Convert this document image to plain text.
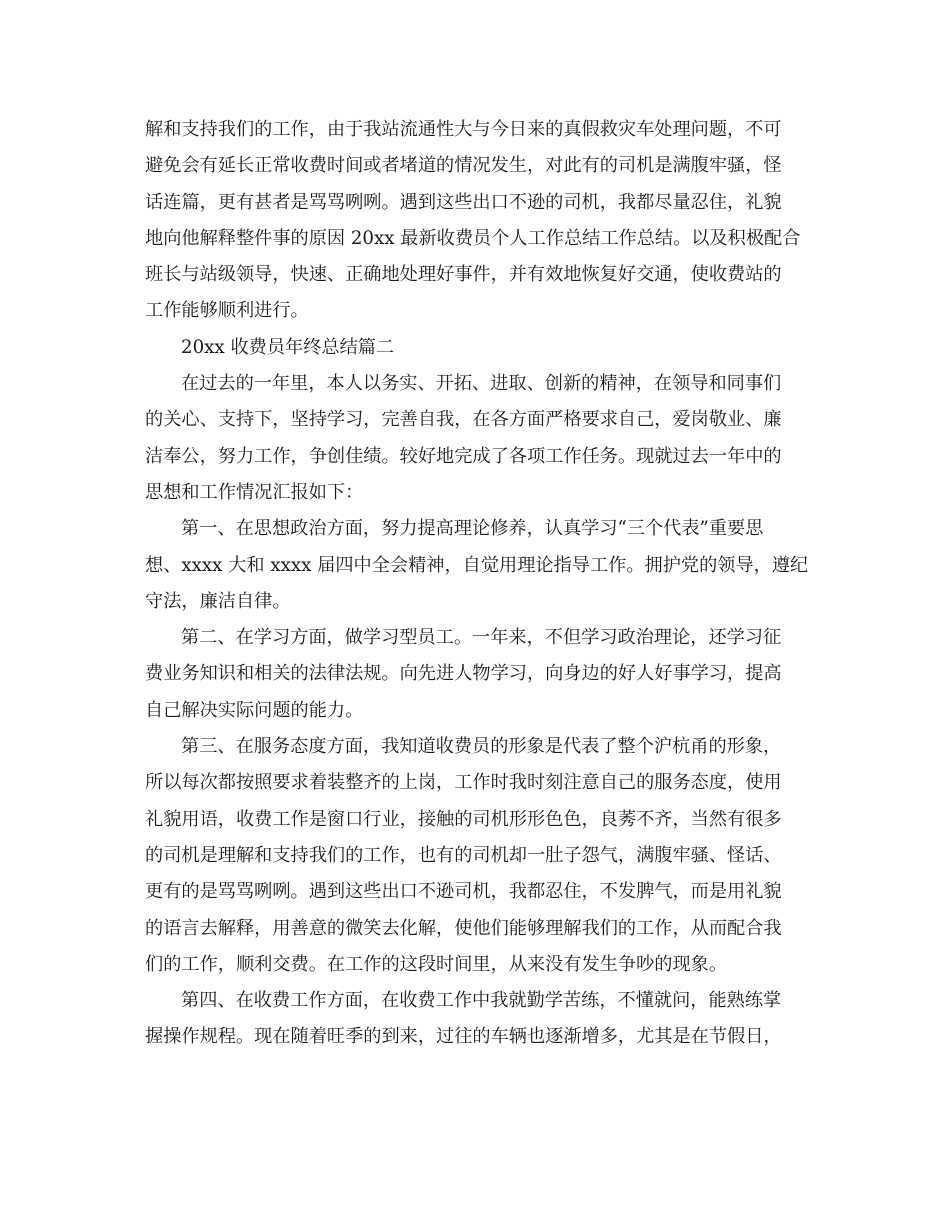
解和支持我们的工作，由于我站流通性大与今日来的真假救灾车处理问题，不可
避免会有延长正常收费时间或者堵道的情况发生，对此有的司机是满腹牢骚，怪
话连篇，更有甚者是骂骂咧咧。遇到这些出口不逊的司机，我都尽量忍住，礼貌
地向他解释整件事的原因 20xx 最新收费员个人工作总结工作总结。以及积极配合
班长与站级领导，快速、正确地处理好事件，并有效地恢复好交通，使收费站的
工作能够顺利进行。
20xx 收费员年终总结篇二
在过去的一年里，本人以务实、开拓、进取、创新的精神，在领导和同事们
的关心、支持下，坚持学习，完善自我，在各方面严格要求自己，爱岗敬业、廉
洁奉公，努力工作，争创佳绩。较好地完成了各项工作任务。现就过去一年中的
思想和工作情况汇报如下：
第一、在思想政治方面，努力提高理论修养，认真学习“三个代表”重要思
想、xxxx 大和 xxxx 届四中全会精神，自觉用理论指导工作。拥护党的领导，遵纪
守法，廉洁自律。
第二、在学习方面，做学习型员工。一年来，不但学习政治理论，还学习征
费业务知识和相关的法律法规。向先进人物学习，向身边的好人好事学习，提高
自己解决实际问题的能力。
第三、在服务态度方面，我知道收费员的形象是代表了整个沪杭甬的形象，
所以每次都按照要求着装整齐的上岗，工作时我时刻注意自己的服务态度，使用
礼貌用语，收费工作是窗口行业，接触的司机形形色色，良莠不齐，当然有很多
的司机是理解和支持我们的工作，也有的司机却一肚子怨气，满腹牢骚、怪话、
更有的是骂骂咧咧。遇到这些出口不逊司机，我都忍住，不发脾气，而是用礼貌
的语言去解释，用善意的微笑去化解，使他们能够理解我们的工作，从而配合我
们的工作，顺利交费。在工作的这段时间里，从来没有发生争吵的现象。
第四、在收费工作方面，在收费工作中我就勤学苦练，不懂就问，能熟练掌
握操作规程。现在随着旺季的到来，过往的车辆也逐渐增多，尤其是在节假日，
